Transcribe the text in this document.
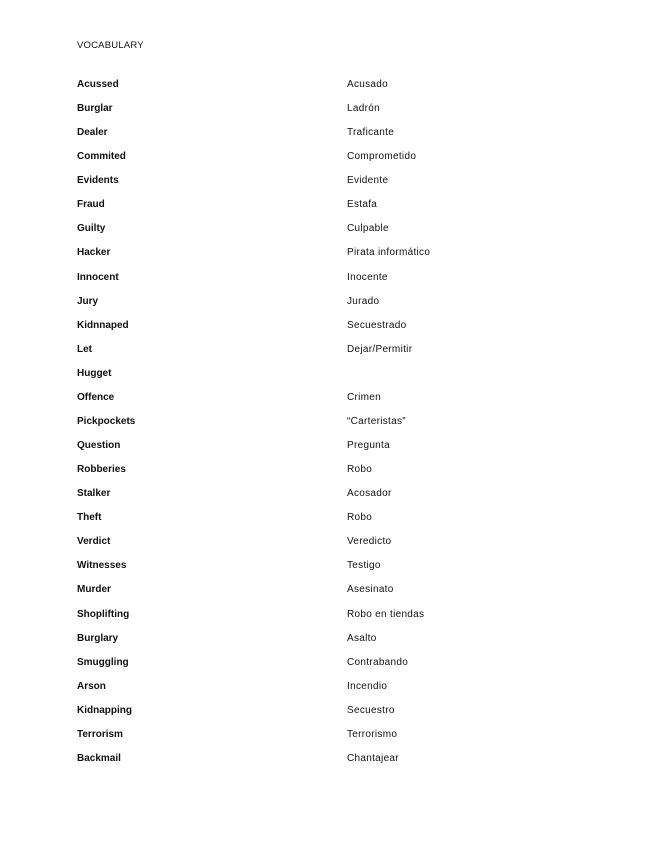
VOCABULARY
Acussed	Acusado
Burglar	Ladrón
Dealer	Traficante
Commited	Comprometido
Evidents	Evidente
Fraud	Estafa
Guilty	Culpable
Hacker	Pirata informático
Innocent	Inocente
Jury	Jurado
Kidnnaped	Secuestrado
Let	Dejar/Permitir
Hugget
Offence	Crimen
Pickpockets	“Carteristas”
Question	Pregunta
Robberies	Robo
Stalker	Acosador
Theft	Robo
Verdict	Veredicto
Witnesses	Testigo
Murder	Asesinato
Shoplifting	Robo en tiendas
Burglary	Asalto
Smuggling	Contrabando
Arson	Incendio
Kidnapping	Secuestro
Terrorism	Terrorismo
Backmail	Chantajear
